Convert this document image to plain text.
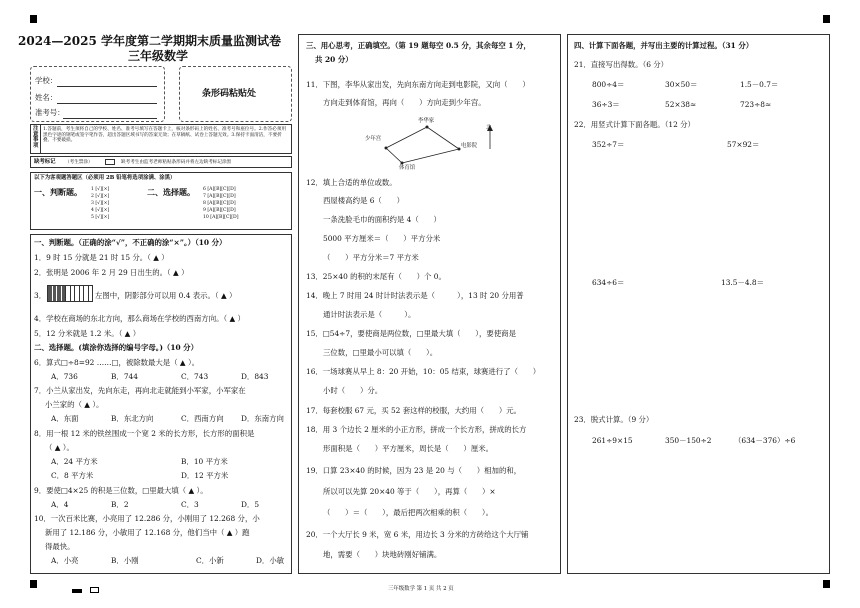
2024—2025 学年度第二学期期末质量监测试卷
三年级数学
学校：
姓名：
准考号：
条形码粘贴处
注意事项
1.答题前，考生须将自己的学校、姓名、准考号填写在答题卡上，核对条形码上的姓名、准考号和座位号。2.作答必须用黑色字迹的钢笔或签字笔作答，超出答题区域书写的答案无效；在草稿纸、试卷上答题无效。3.保持卡面清洁，不要折叠、不要破损。
缺考标记 （考生禁涂）	缺考考生由监考老师粘贴条形码并将左边缺考标记涂黑
以下为客观题答题区（必须用 2B 铅笔将选项涂满、涂黑）
一、判断题。	二、选择题。
1 [√][×]
2 [√][×]
3 [√][×]
4 [√][×]
5 [√][×]
6 [A][B][C][D]
7 [A][B][C][D]
8 [A][B][C][D]
9 [A][B][C][D]
10 [A][B][C][D]
一、判断题。（正确的涂“√”，不正确的涂“×”。）（10 分）
1．9 时 15 分就是 21 时 15 分。（ ▲ ）
2．张明是 2006 年 2 月 29 日出生的。（ ▲ ）
3．	左图中，阴影部分可以用 0.4 表示。（ ▲ ）
4．学校在商场的东北方向，那么商场在学校的西南方向。（ ▲ ）
5．12 分米就是 1.2 米。（ ▲ ）
二、选择题。(填涂你选择的编号字母。)（10 分）
6．算式□÷8=92 ……□，被除数最大是（ ▲ ）。
A．736	B．744	C．743	D．843
7．小兰从家出发，先向东走，再向北走就能到小军家，小军家在
小兰家的（ ▲ ）。
A．东面	B．东北方向	C．西南方向 D．东南方向
8．用一根 12 米的铁丝围成一个宽 2 米的长方形，长方形的面积是
（ ▲ ）。
A．24 平方米	B．10 平方米
C．8 平方米	D．12 平方米
9．要使□4×25 的积是三位数，□里最大填（ ▲ ）。
A．4	B．2	C．3	D．5
10．一次百米比赛，小亮用了 12.286 分，小刚用了 12.268 分，小
新用了 12.186 分，小敏用了 12.168 分，他们当中（ ▲ ）跑
得最快。
A．小亮	B．小刚	C．小新	D．小敏
三、用心思考，正确填空。（第 19 题每空 0.5 分，其余每空 1 分，
共 20 分）
11．下图，李华从家出发，先向东南方向走到电影院，又向（　　）
方向走到体育馆，再向（　　）方向走到少年宫。
李华家
少年宫
电影院
体育馆
北
12．填上合适的单位或数。
西屋楼高约是 6（　　）
一条洗脸毛巾的面积约是 4（　　）
5000 平方厘米＝（　　）平方分米
（　　）平方分米＝7 平方米
13．25×40 的积的末尾有（　　）个 0。
14．晚上 7 时用 24 时计时法表示是（　　　），13 时 20 分用普
通计时法表示是（　　　）。
15．□54÷7，要使商是两位数，□里最大填（　　），要使商是
三位数，□里最小可以填（　　）。
16．一场球赛从早上 8：20 开始，10：05 结束，球赛进行了（　　）
小时（　　）分。
17．每套校服 67 元，买 52 套这样的校服，大约用（　　）元。
18．用 3 个边长 2 厘米的小正方形，拼成一个长方形，拼成的长方
形面积是（　　）平方厘米，周长是（　　）厘米。
19．口算 23×40 的时候，因为 23 是 20 与（　　）相加的和，
所以可以先算 20×40 等于（　　），再算（　　）×
（　　）＝（　　），最后把两次相乘的积（　　）。
20．一个大厅长 9 米，宽 6 米，用边长 3 分米的方砖给这个大厅铺
地，需要（　　）块地砖刚好铺满。
四、计算下面各题，并写出主要的计算过程。（31 分）
21．直接写出得数。（6 分）
800÷4＝	30×50＝	1.5－0.7＝
36÷3＝	52×38≈	723÷8≈
22．用竖式计算下面各题。（12 分）
352÷7＝	57×92＝
634÷6＝	13.5－4.8＝
23．脱式计算。（9 分）
261÷9×15	350－150÷2	（634－376）÷6
三年级数学 第 1 页 共 2 页
